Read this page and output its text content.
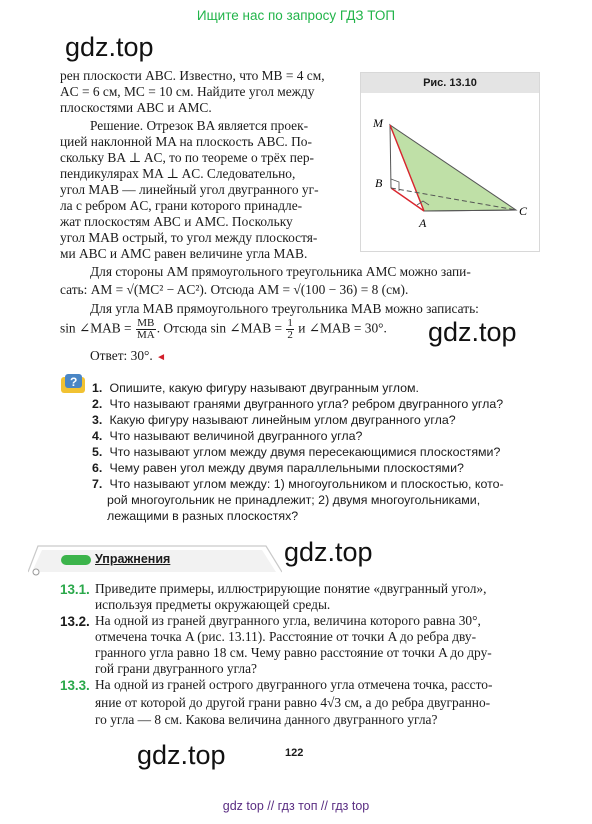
Ищите нас по запросу ГДЗ ТОП
gdz.top
gdz.top
gdz.top
gdz.top
рен плоскости ABC. Известно, что MB = 4 см,
AC = 6 см, MC = 10 см. Найдите угол между
плоскостями ABC и AMC.
Решение. Отрезок BA является проек-
цией наклонной MA на плоскость ABC. По-
скольку BA ⊥ AC, то по теореме о трёх пер-
пендикулярах MA ⊥ AC. Следовательно,
угол MAB — линейный угол двугранного уг-
ла с ребром AC, грани которого принадле-
жат плоскостям ABC и AMC. Поскольку
угол MAB острый, то угол между плоскостя-
ми ABC и AMC равен величине угла MAB.
Рис. 13.10
M
B
A
C
Для стороны AM прямоугольного треугольника AMC можно запи-
сать: AM = √(MC² − AC²). Отсюда AM = √(100 − 36) = 8 (см).
Для угла MAB прямоугольного треугольника MAB можно записать:
sin ∠MAB = $\frac{MB}{MA}$ . Отсюда sin ∠MAB = $\frac{1}{2}$ и ∠MAB = 30°.
Ответ: 30°. ◄
? 1. Опишите, какую фигуру называют двугранным углом.
2. Что называют гранями двугранного угла? ребром двугранного угла?
3. Какую фигуру называют линейным углом двугранного угла?
4. Что называют величиной двугранного угла?
5. Что называют углом между двумя пересекающимися плоскостями?
6. Чему равен угол между двумя параллельными плоскостями?
7. Что называют углом между: 1) многоугольником и плоскостью, кото-
рой многоугольник не принадлежит; 2) двумя многоугольниками,
лежащими в разных плоскостях?
Упражнения
13.1. Приведите примеры, иллюстрирующие понятие «двугранный угол»,
используя предметы окружающей среды.
13.2. На одной из граней двугранного угла, величина которого равна 30°,
отмечена точка A (рис. 13.11). Расстояние от точки A до ребра дву-
гранного угла равно 18 см. Чему равно расстояние от точки A до дру-
гой грани двугранного угла?
13.3. На одной из граней острого двугранного угла отмечена точка, рассто-
яние от которой до другой грани равно 4√3 см, а до ребра двугранно-
го угла — 8 см. Какова величина данного двугранного угла?
122
gdz top // гдз топ // гдз top
